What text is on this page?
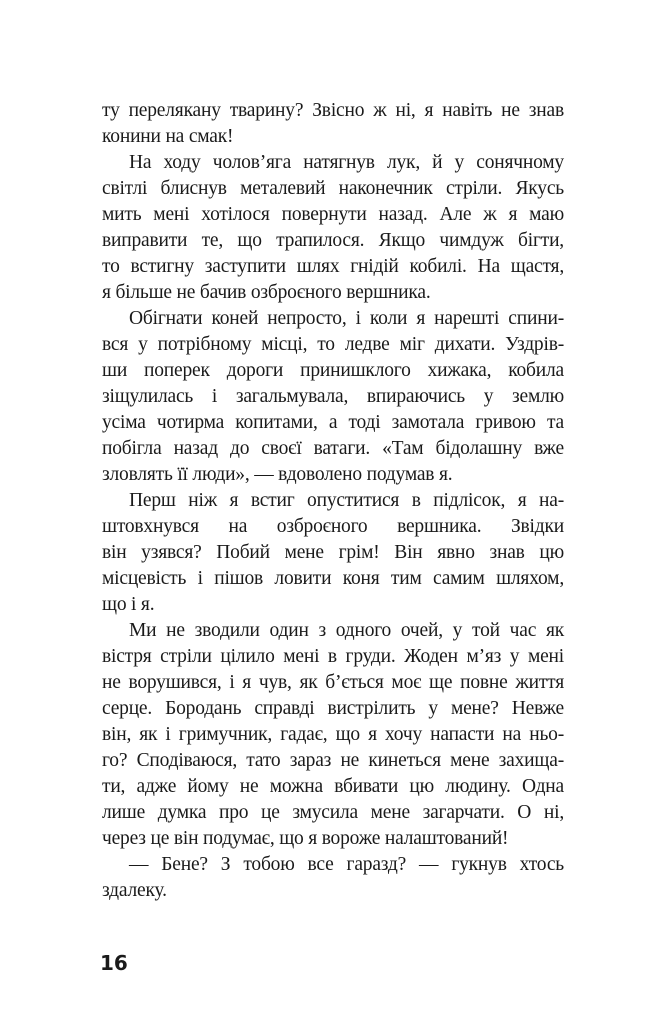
ту перелякану тварину? Звісно ж ні, я навіть не знав
конини на смак!
На ходу чолов’яга натягнув лук, й у сонячному
світлі блиснув металевий наконечник стріли. Якусь
мить мені хотілося повернути назад. Але ж я маю
виправити те, що трапилося. Якщо чимдуж бігти,
то встигну заступити шлях гнідій кобилі. На щастя,
я більше не бачив озброєного вершника.
Обігнати коней непросто, і коли я нарешті спини-
вся у потрібному місці, то ледве міг дихати. Уздрів-
ши поперек дороги принишклого хижака, кобила
зіщулилась і загальмувала, впираючись у землю
усіма чотирма копитами, а тоді замотала гривою та
побігла назад до своєї ватаги. «Там бідолашну вже
зловлять її люди», — вдоволено подумав я.
Перш ніж я встиг опуститися в підлісок, я на-
штовхнувся на озброєного вершника. Звідки
він узявся? Побий мене грім! Він явно знав цю
місцевість і пішов ловити коня тим самим шляхом,
що і я.
Ми не зводили один з одного очей, у той час як
вістря стріли цілило мені в груди. Жоден м’яз у мені
не ворушився, і я чув, як б’ється моє ще повне життя
серце. Бородань справді вистрілить у мене? Невже
він, як і гримучник, гадає, що я хочу напасти на ньо-
го? Сподіваюся, тато зараз не кинеться мене захища-
ти, адже йому не можна вбивати цю людину. Одна
лише думка про це змусила мене загарчати. О ні,
через це він подумає, що я вороже налаштований!
— Бене? З тобою все гаразд? — гукнув хтось
здалеку.
16
